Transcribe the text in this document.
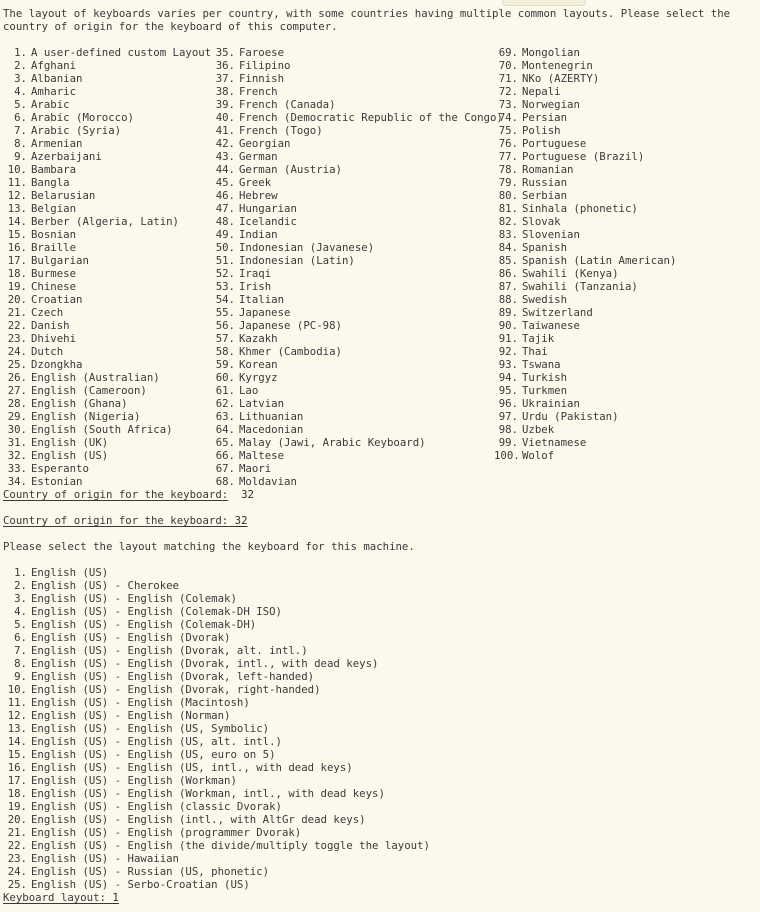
The layout of keyboards varies per country, with some countries having multiple common layouts. Please select the country of origin for the keyboard of this computer.
1. A user-defined custom Layout
2. Afghani
3. Albanian
4. Amharic
5. Arabic
6. Arabic (Morocco)
7. Arabic (Syria)
8. Armenian
9. Azerbaijani
10. Bambara
11. Bangla
12. Belarusian
13. Belgian
14. Berber (Algeria, Latin)
15. Bosnian
16. Braille
17. Bulgarian
18. Burmese
19. Chinese
20. Croatian
21. Czech
22. Danish
23. Dhivehi
24. Dutch
25. Dzongkha
26. English (Australian)
27. English (Cameroon)
28. English (Ghana)
29. English (Nigeria)
30. English (South Africa)
31. English (UK)
32. English (US)
33. Esperanto
34. Estonian
35. Faroese
36. Filipino
37. Finnish
38. French
39. French (Canada)
40. French (Democratic Republic of the Congo)
41. French (Togo)
42. Georgian
43. German
44. German (Austria)
45. Greek
46. Hebrew
47. Hungarian
48. Icelandic
49. Indian
50. Indonesian (Javanese)
51. Indonesian (Latin)
52. Iraqi
53. Irish
54. Italian
55. Japanese
56. Japanese (PC-98)
57. Kazakh
58. Khmer (Cambodia)
59. Korean
60. Kyrgyz
61. Lao
62. Latvian
63. Lithuanian
64. Macedonian
65. Malay (Jawi, Arabic Keyboard)
66. Maltese
67. Maori
68. Moldavian
69. Mongolian
70. Montenegrin
71. NKo (AZERTY)
72. Nepali
73. Norwegian
74. Persian
75. Polish
76. Portuguese
77. Portuguese (Brazil)
78. Romanian
79. Russian
80. Serbian
81. Sinhala (phonetic)
82. Slovak
83. Slovenian
84. Spanish
85. Spanish (Latin American)
86. Swahili (Kenya)
87. Swahili (Tanzania)
88. Swedish
89. Switzerland
90. Taiwanese
91. Tajik
92. Thai
93. Tswana
94. Turkish
95. Turkmen
96. Ukrainian
97. Urdu (Pakistan)
98. Uzbek
99. Vietnamese
100. Wolof
Country of origin for the keyboard: 32
Country of origin for the keyboard: 32
Please select the layout matching the keyboard for this machine.
1. English (US)
2. English (US) - Cherokee
3. English (US) - English (Colemak)
4. English (US) - English (Colemak-DH ISO)
5. English (US) - English (Colemak-DH)
6. English (US) - English (Dvorak)
7. English (US) - English (Dvorak, alt. intl.)
8. English (US) - English (Dvorak, intl., with dead keys)
9. English (US) - English (Dvorak, left-handed)
10. English (US) - English (Dvorak, right-handed)
11. English (US) - English (Macintosh)
12. English (US) - English (Norman)
13. English (US) - English (US, Symbolic)
14. English (US) - English (US, alt. intl.)
15. English (US) - English (US, euro on 5)
16. English (US) - English (US, intl., with dead keys)
17. English (US) - English (Workman)
18. English (US) - English (Workman, intl., with dead keys)
19. English (US) - English (classic Dvorak)
20. English (US) - English (intl., with AltGr dead keys)
21. English (US) - English (programmer Dvorak)
22. English (US) - English (the divide/multiply toggle the layout)
23. English (US) - Hawaiian
24. English (US) - Russian (US, phonetic)
25. English (US) - Serbo-Croatian (US)
Keyboard layout: 1
